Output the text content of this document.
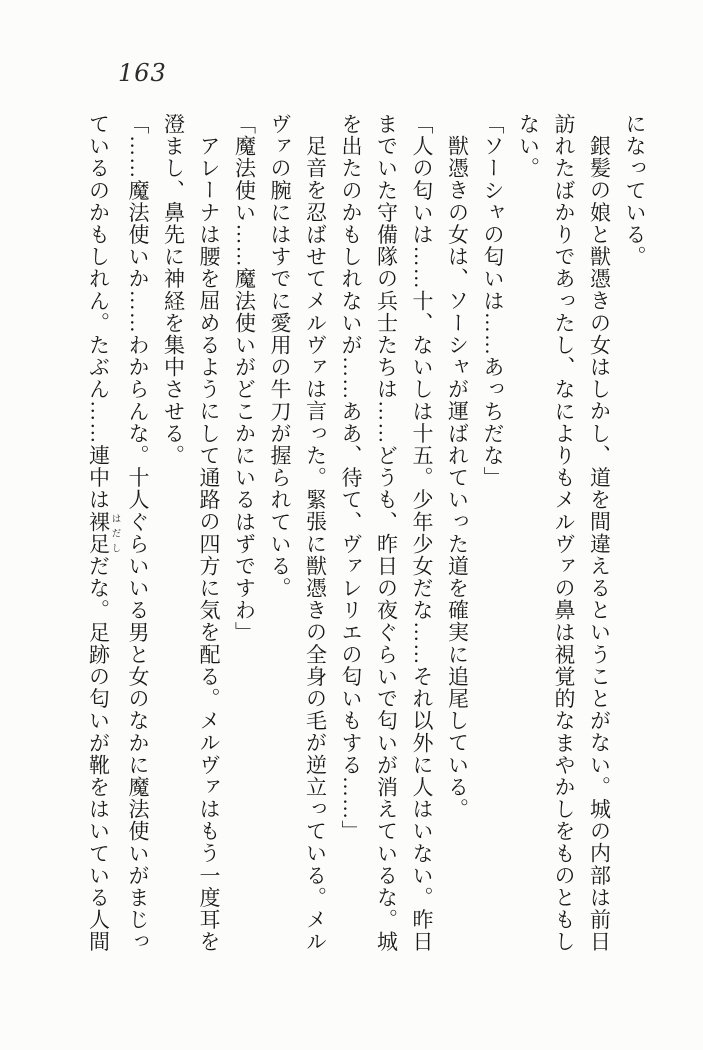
163
になっている。
銀髪の娘と獣憑きの女はしかし、道を間違えるということがない。城の内部は前日
訪れたばかりであったし、なによりもメルヴァの鼻は視覚的なまやかしをものともし
ない。
「ソーシャの匂いは……あっちだな」
獣憑きの女は、ソーシャが運ばれていった道を確実に追尾している。
「人の匂いは……十、ないしは十五。少年少女だな……それ以外に人はいない。昨日
までいた守備隊の兵士たちは……どうも、昨日の夜ぐらいで匂いが消えているな。城
を出たのかもしれないが……ああ、待て、ヴァレリエの匂いもする……」
足音を忍ばせてメルヴァは言った。緊張に獣憑きの全身の毛が逆立っている。メル
ヴァの腕にはすでに愛用の牛刀が握られている。
「魔法使い……魔法使いがどこかにいるはずですわ」
アレーナは腰を屈めるようにして通路の四方に気を配る。メルヴァはもう一度耳を
澄まし、鼻先に神経を集中させる。
「……魔法使いか……わからんな。十人ぐらいいる男と女のなかに魔法使いがまじっ
ているのかもしれん。たぶん……連中は裸足 はだしだな。足跡の匂いが靴をはいている人間
